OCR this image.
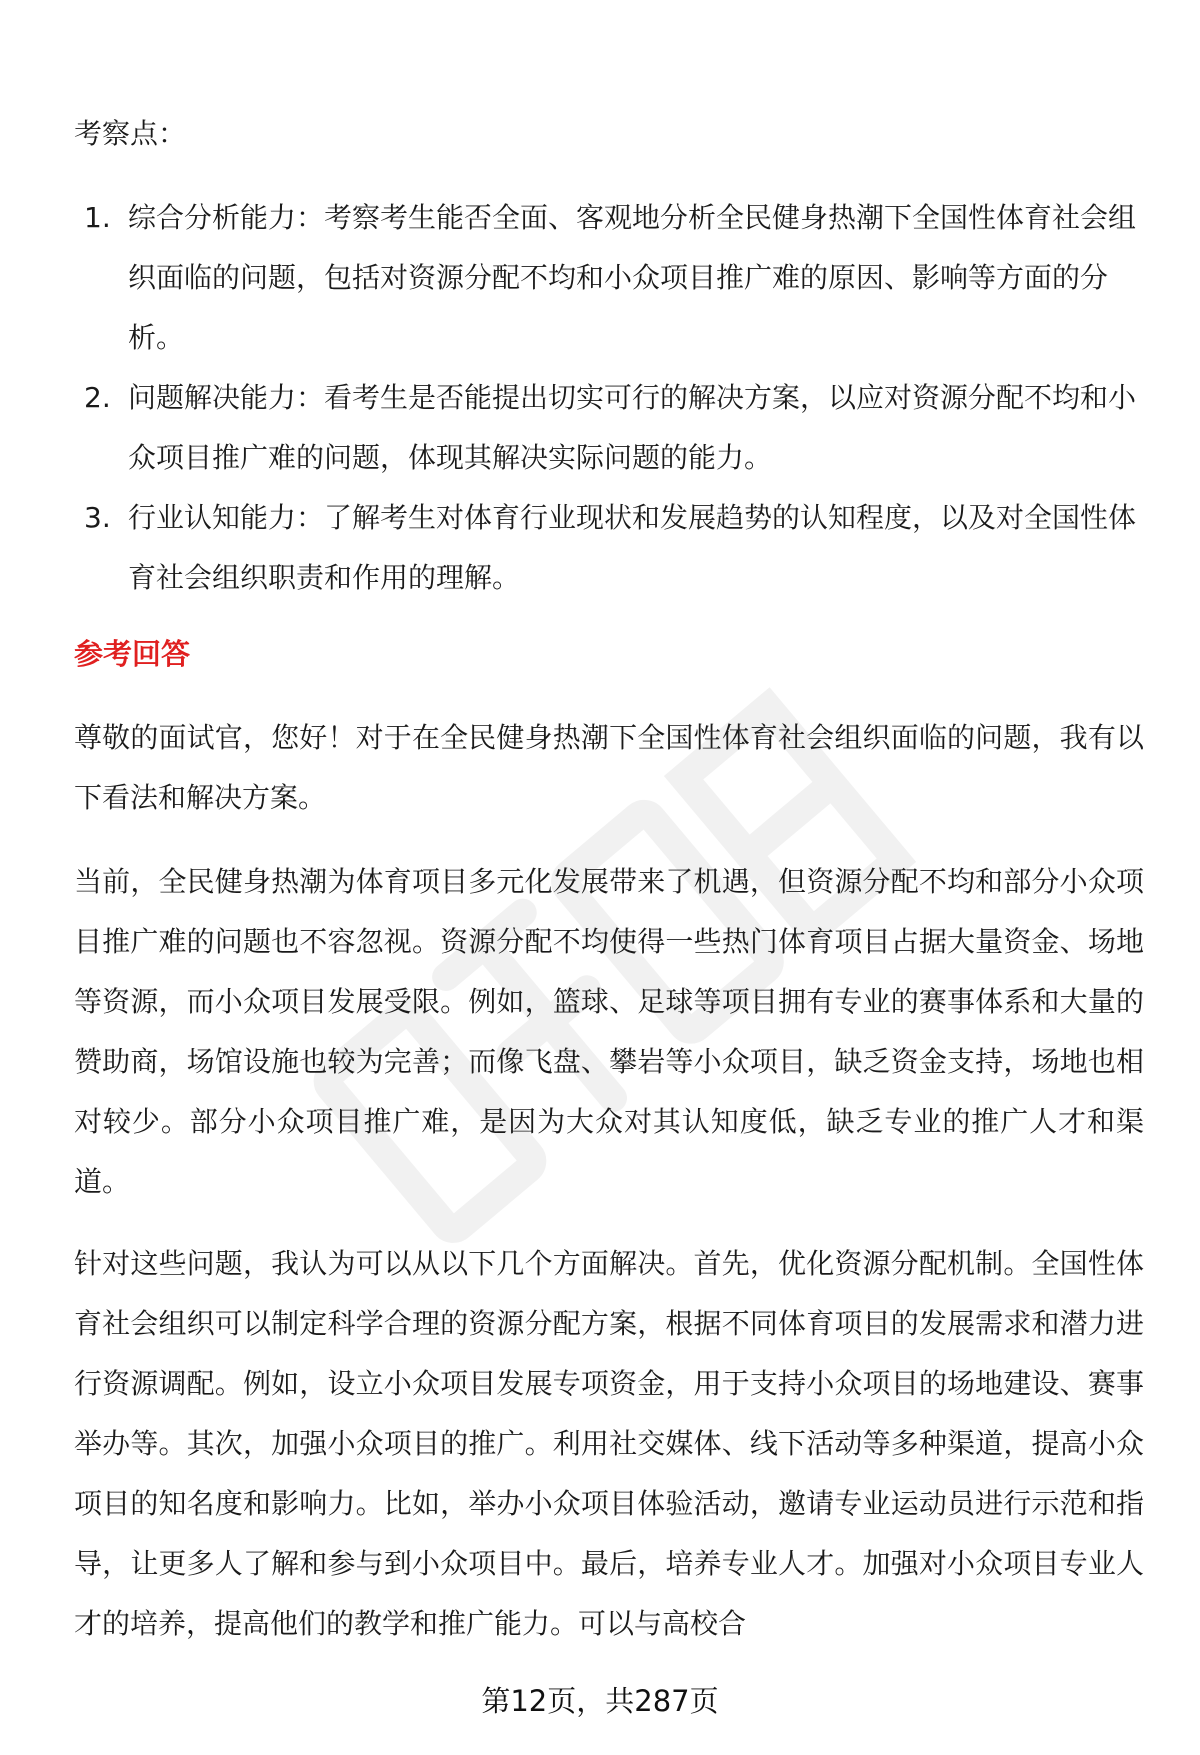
考察点：

1. 综合分析能力：考察考生能否全面、客观地分析全民健身热潮下全国性体育社会组织面临的问题，包括对资源分配不均和小众项目推广难的原因、影响等方面的分析。
2. 问题解决能力：看考生是否能提出切实可行的解决方案，以应对资源分配不均和小众项目推广难的问题，体现其解决实际问题的能力。
3. 行业认知能力：了解考生对体育行业现状和发展趋势的认知程度，以及对全国性体育社会组织职责和作用的理解。

参考回答

尊敬的面试官，您好！对于在全民健身热潮下全国性体育社会组织面临的问题，我有以下看法和解决方案。

当前，全民健身热潮为体育项目多元化发展带来了机遇，但资源分配不均和部分小众项目推广难的问题也不容忽视。资源分配不均使得一些热门体育项目占据大量资金、场地等资源，而小众项目发展受限。例如，篮球、足球等项目拥有专业的赛事体系和大量的赞助商，场馆设施也较为完善；而像飞盘、攀岩等小众项目，缺乏资金支持，场地也相对较少。部分小众项目推广难，是因为大众对其认知度低，缺乏专业的推广人才和渠道。

针对这些问题，我认为可以从以下几个方面解决。首先，优化资源分配机制。全国性体育社会组织可以制定科学合理的资源分配方案，根据不同体育项目的发展需求和潜力进行资源调配。例如，设立小众项目发展专项资金，用于支持小众项目的场地建设、赛事举办等。其次，加强小众项目的推广。利用社交媒体、线下活动等多种渠道，提高小众项目的知名度和影响力。比如，举办小众项目体验活动，邀请专业运动员进行示范和指导，让更多人了解和参与到小众项目中。最后，培养专业人才。加强对小众项目专业人才的培养，提高他们的教学和推广能力。可以与高校合

第12页，共287页
